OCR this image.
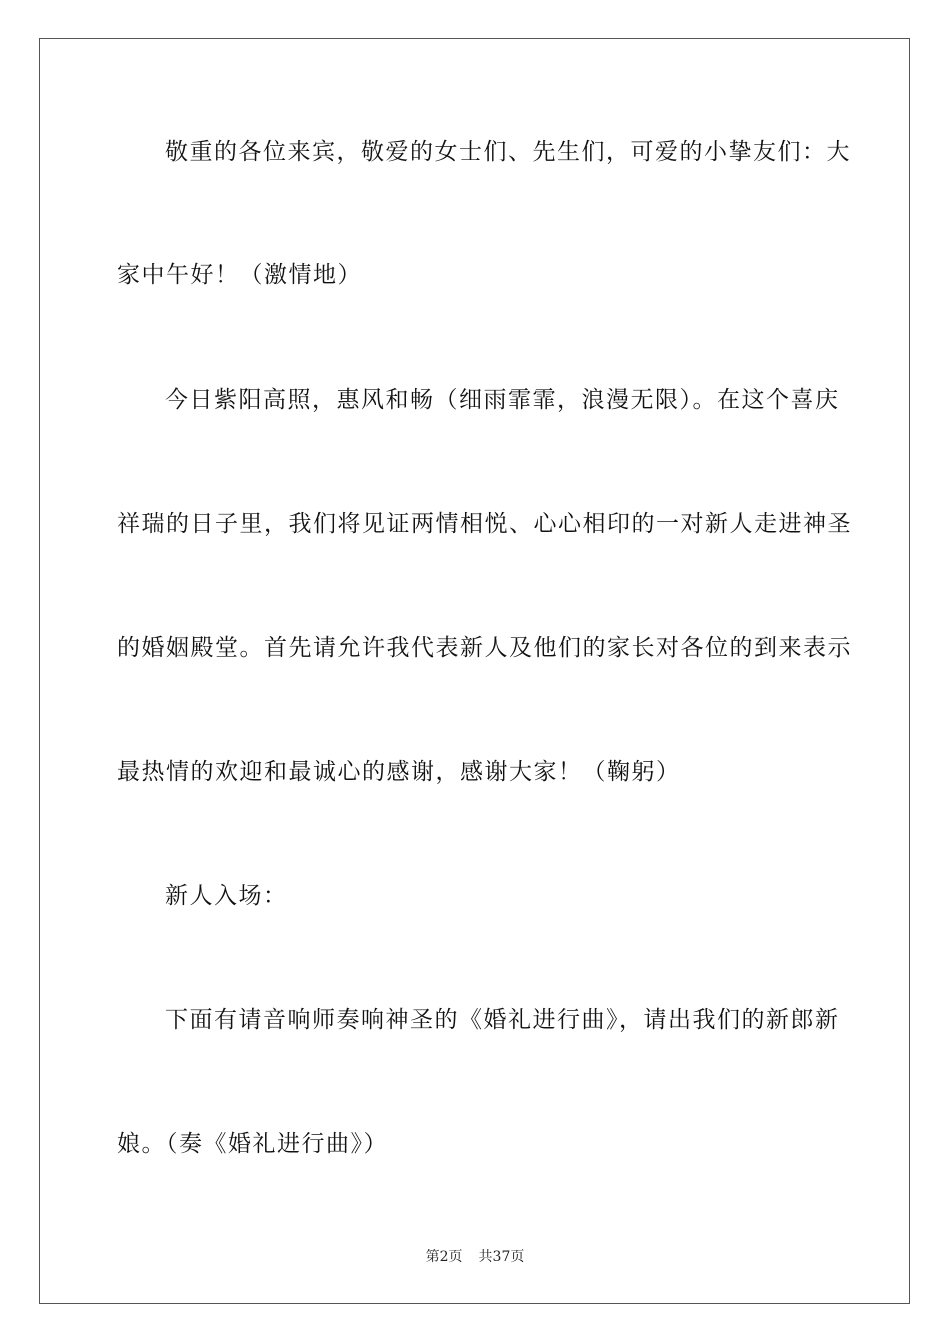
敬重的各位来宾，敬爱的女士们、先生们，可爱的小挚友们：大
家中午好！（激情地）
今日紫阳高照，惠风和畅（细雨霏霏，浪漫无限）。在这个喜庆
祥瑞的日子里，我们将见证两情相悦、心心相印的一对新人走进神圣
的婚姻殿堂。首先请允许我代表新人及他们的家长对各位的到来表示
最热情的欢迎和最诚心的感谢，感谢大家！（鞠躬）
新人入场：
下面有请音响师奏响神圣的《婚礼进行曲》，请出我们的新郎新
娘。（奏《婚礼进行曲》）
第2页 共37页
